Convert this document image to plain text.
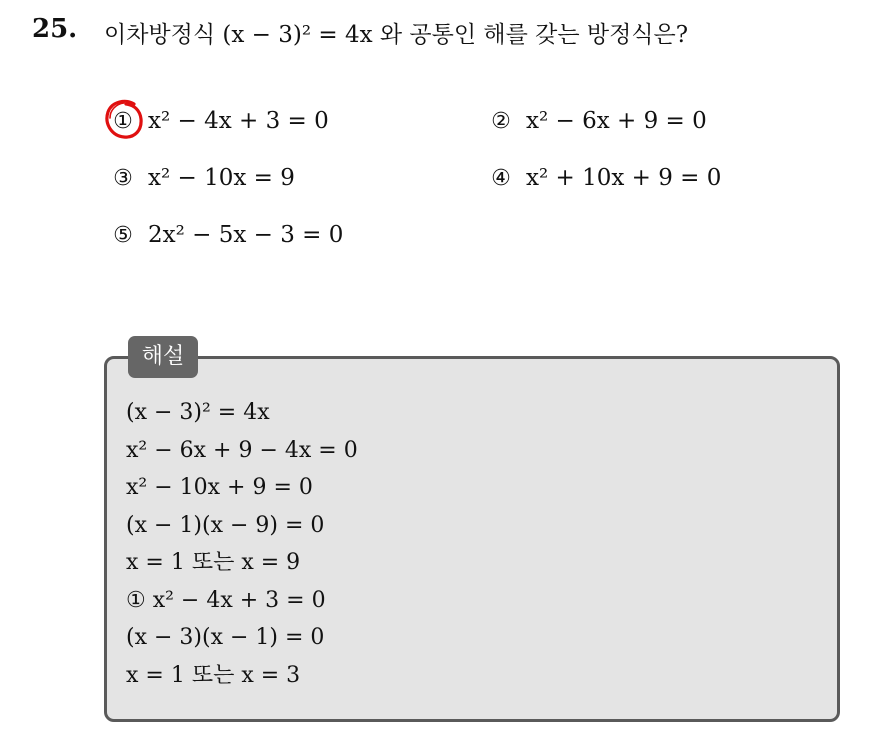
25. 이차방정식 (x − 3)² = 4x 와 공통인 해를 갖는 방정식은?
① x² − 4x + 3 = 0	② x² − 6x + 9 = 0
③ x² − 10x = 9	④ x² + 10x + 9 = 0
⑤ 2x² − 5x − 3 = 0
해설
(x − 3)² = 4x
x² − 6x + 9 − 4x = 0
x² − 10x + 9 = 0
(x − 1)(x − 9) = 0
x = 1 또는 x = 9
① x² − 4x + 3 = 0
(x − 3)(x − 1) = 0
x = 1 또는 x = 3
